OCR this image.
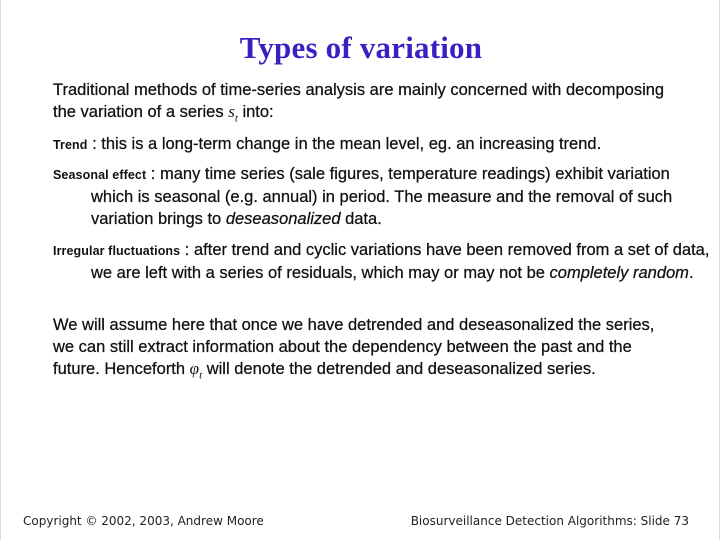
Types of variation
Traditional methods of time-series analysis are mainly concerned with decomposing the variation of a series $s_t$ into:
Trend : this is a long-term change in the mean level, eg. an increasing trend.
Seasonal effect : many time series (sale figures, temperature readings) exhibit variation which is seasonal (e.g. annual) in period. The measure and the removal of such variation brings to deseasonalized data.
Irregular fluctuations : after trend and cyclic variations have been removed from a set of data, we are left with a series of residuals, which may or may not be completely random.
We will assume here that once we have detrended and deseasonalized the series, we can still extract information about the dependency between the past and the future. Henceforth $\varphi_t$ will denote the detrended and deseasonalized series.
Copyright © 2002, 2003, Andrew Moore	Biosurveillance Detection Algorithms: Slide 73
